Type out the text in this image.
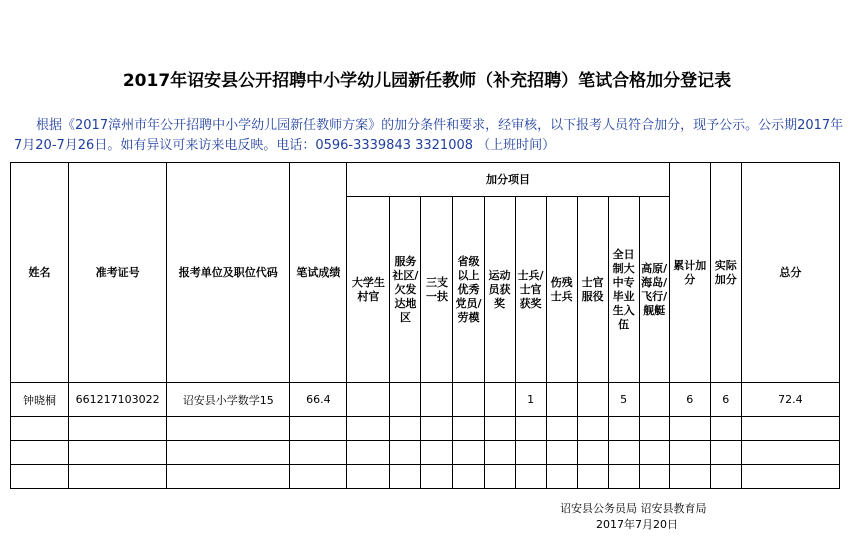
2017年诏安县公开招聘中小学幼儿园新任教师（补充招聘）笔试合格加分登记表
根据《2017漳州市年公开招聘中小学幼儿园新任教师方案》的加分条件和要求，经审核，以下报考人员符合加分，现予公示。公示期2017年7月20-7月26日。如有异议可来访来电反映。电话：0596-3339843 3321008 （上班时间）
姓名	准考证号	报考单位及职位代码	笔试成绩	加分项目										累计加分	实际加分	总分
				大学生村官	服务社区/欠发达地区	三支一扶	省级以上优秀党员/劳模	运动员获奖	士兵/士官获奖	伤残士兵	士官服役	全日制大中专毕业生入伍	高原/海岛/飞行/舰艇			
钟晓桐	661217103022	诏安县小学数学15	66.4						1			5		6	6	72.4

诏安县公务员局 诏安县教育局
2017年7月20日
